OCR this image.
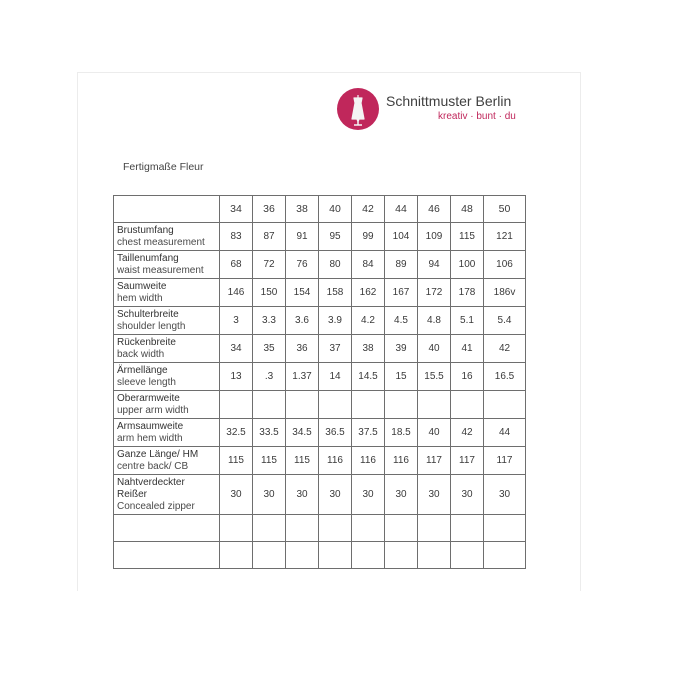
Schnittmuster Berlin
kreativ · bunt · du
Fertigmaße Fleur
	34	36	38	40	42	44	46	48	50

Brustumfang
chest measurement	83	87	91	95	99	104	109	115	121

Taillenumfang
waist measurement	68	72	76	80	84	89	94	100	106

Saumweite
hem width	146	150	154	158	162	167	172	178	186v

Schulterbreite
shoulder length	3	3.3	3.6	3.9	4.2	4.5	4.8	5.1	5.4

Rückenbreite
back width	34	35	36	37	38	39	40	41	42

Ärmellänge
sleeve length	13	.3	1.37	14	14.5	15	15.5	16	16.5

Oberarmweite
upper arm width									

Armsaumweite
arm hem width	32.5	33.5	34.5	36.5	37.5	18.5	40	42	44

Ganze Länge/ HM
centre back/ CB	115	115	115	116	116	116	117	117	117

Nahtverdeckter
Reißer
Concealed zipper	30	30	30	30	30	30	30	30	30
